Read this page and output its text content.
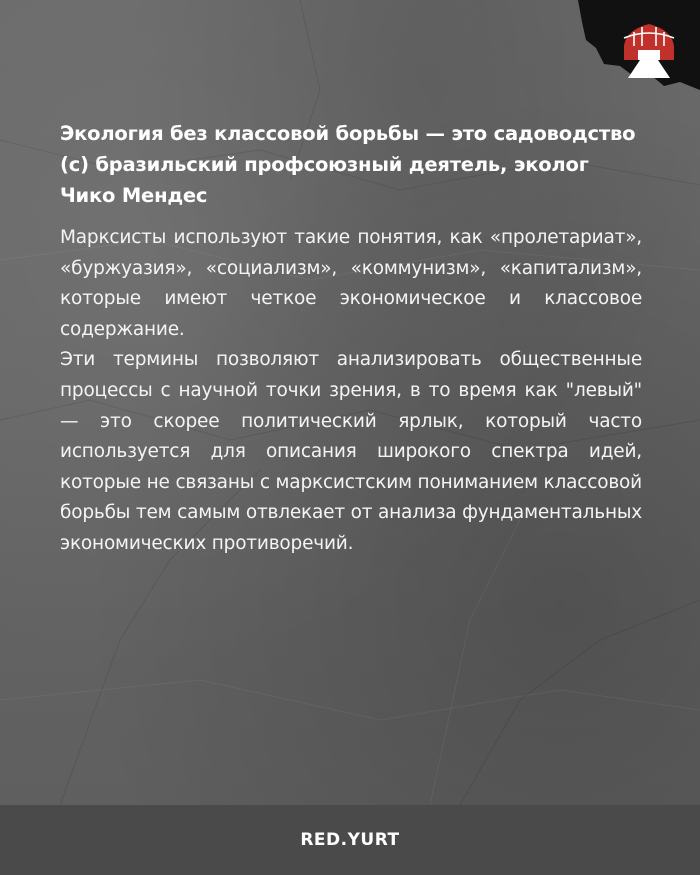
Экология без классовой борьбы — это садоводство (с) бразильский профсоюзный деятель, эколог Чико Мендес

Марксисты используют такие понятия, как «пролетариат», «буржуазия», «социализм», «коммунизм», «капитализм», которые имеют четкое экономическое и классовое содержание.

Эти термины позволяют анализировать общественные процессы с научной точки зрения, в то время как "левый" — это скорее политический ярлык, который часто используется для описания широкого спектра идей, которые не связаны с марксистским пониманием классовой борьбы тем самым отвлекает от анализа фундаментальных экономических противоречий.

RED.YURT
